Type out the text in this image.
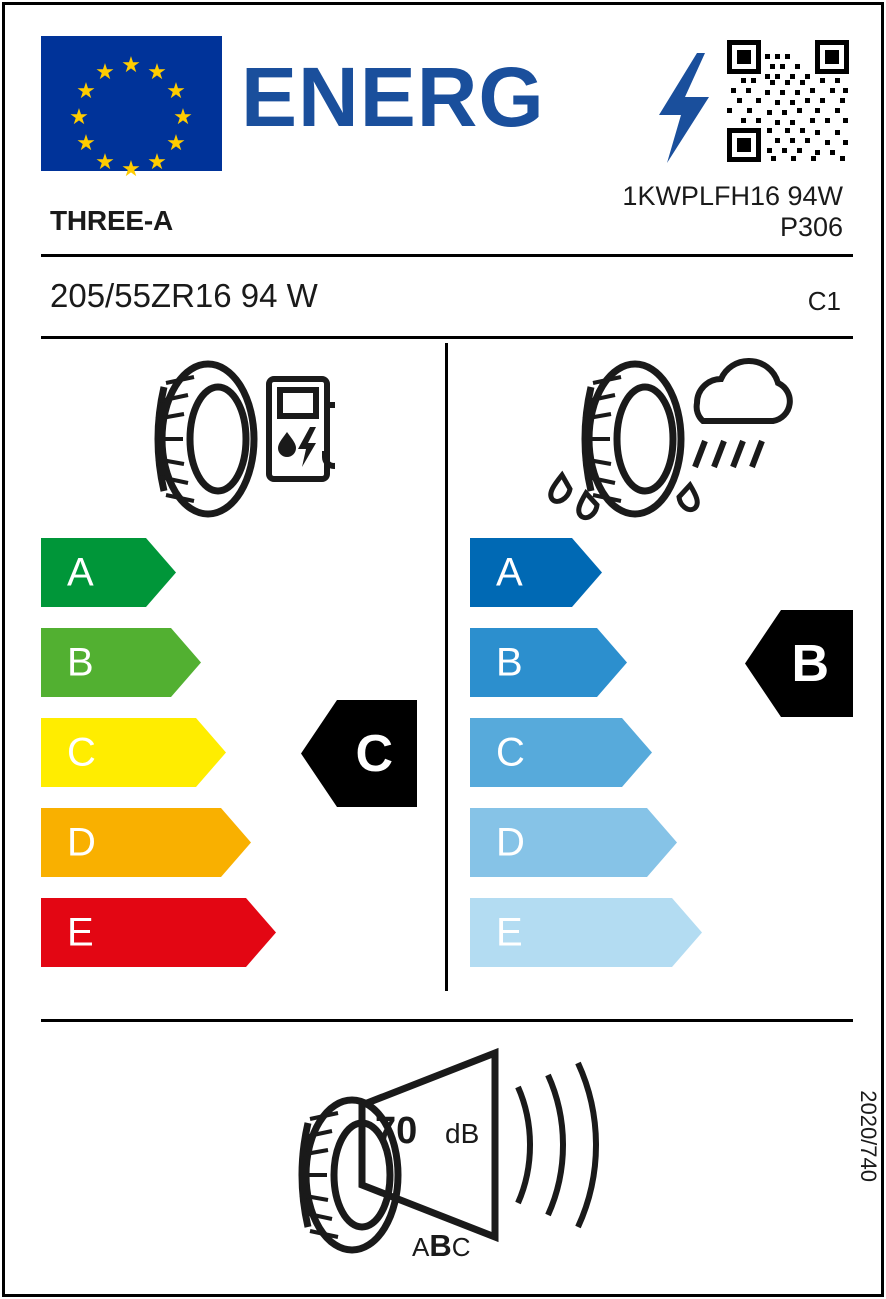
★ ★
★
★
★
★
★
★
★
★
★
★ ENERG
THREE-A
1KWPLFH16 94W
P306
205/55ZR16 94 W	C1
A
B
C
D
E
C
A
B
C
D
E
B
70 dB
ABC
2020/740
